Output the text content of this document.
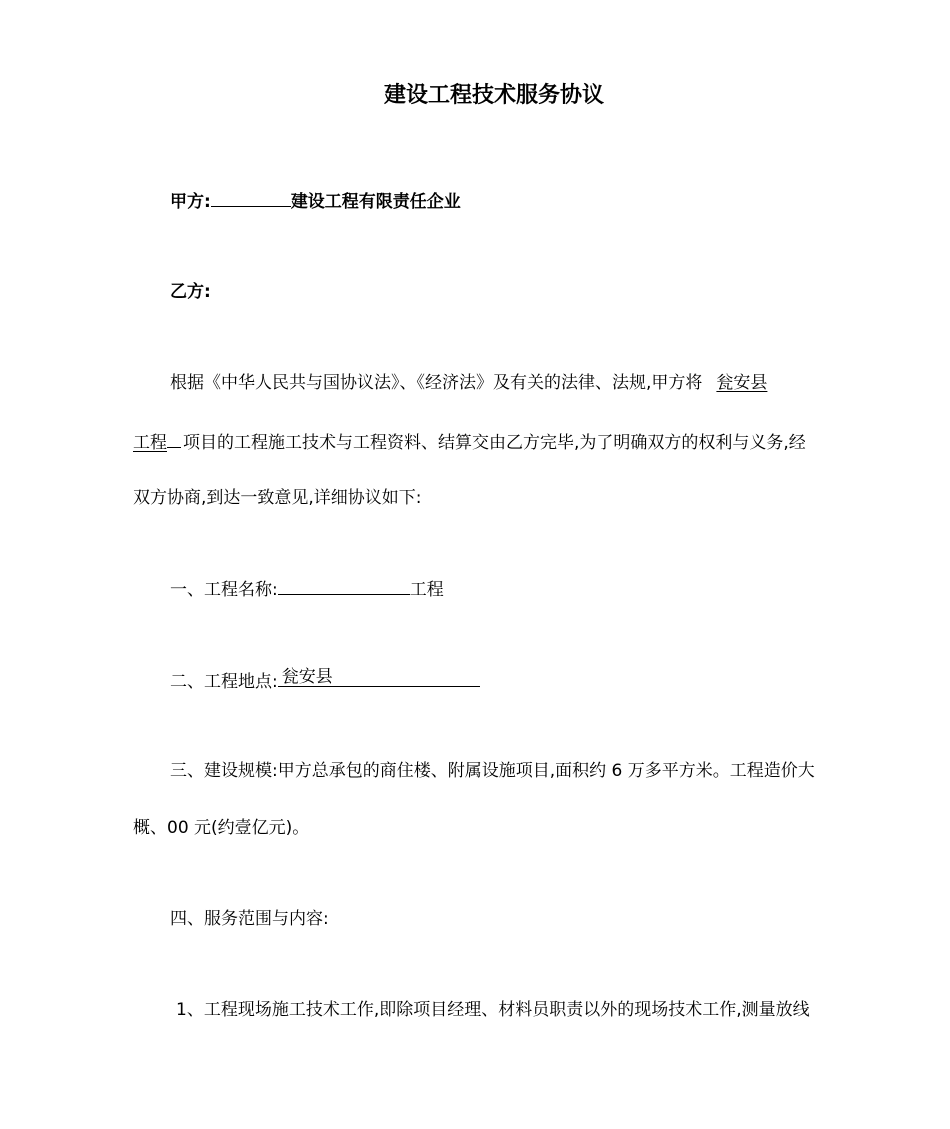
建设工程技术服务协议
甲方:	建设工程有限责任企业
乙方:
根据《中华人民共与国协议法》、《经济法》及有关的法律、法规,甲方将 瓮安县
工程 项目的工程施工技术与工程资料、结算交由乙方完毕,为了明确双方的权利与义务,经
双方协商,到达一致意见,详细协议如下:
一、工程名称:	工程
二、工程地点: 瓮安县
三、建设规模:甲方总承包的商住楼、附属设施项目,面积约 6 万多平方米。工程造价大
概、00 元(约壹亿元)。
四、服务范围与内容:
1、工程现场施工技术工作,即除项目经理、材料员职责以外的现场技术工作,测量放线
